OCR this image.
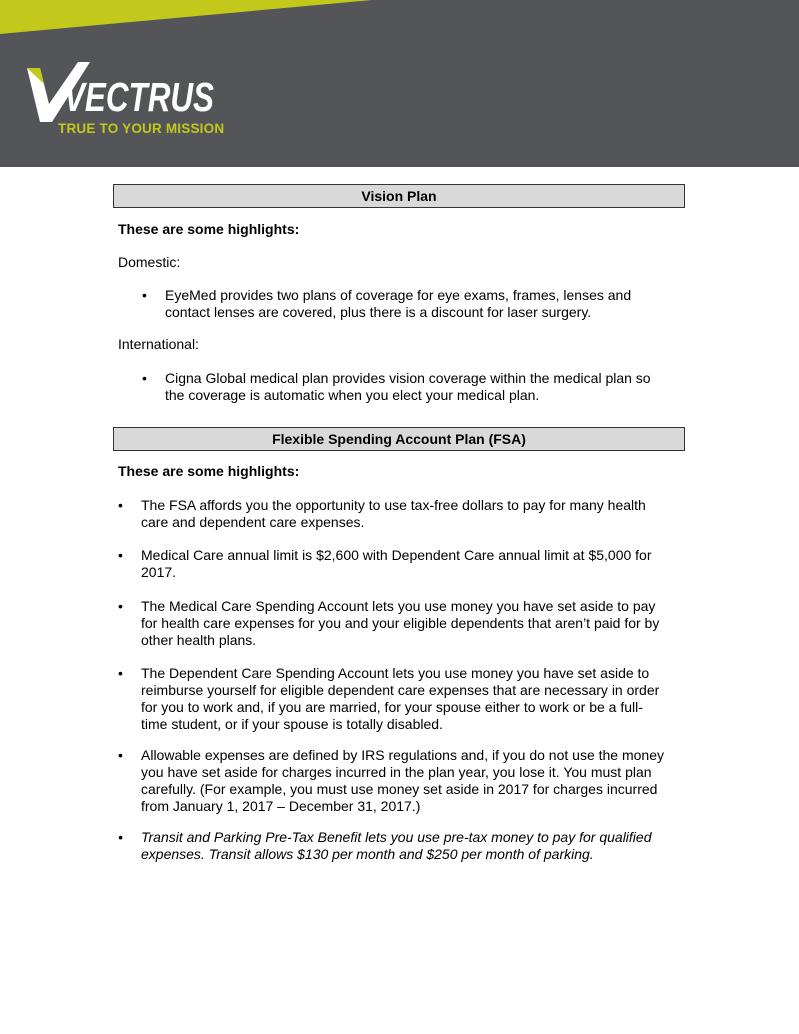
VECTRUS
TRUE TO YOUR MISSION
Vision Plan
These are some highlights:
Domestic:
• EyeMed provides two plans of coverage for eye exams, frames, lenses and
contact lenses are covered, plus there is a discount for laser surgery.
International:
• Cigna Global medical plan provides vision coverage within the medical plan so
the coverage is automatic when you elect your medical plan.
Flexible Spending Account Plan (FSA)
These are some highlights:
• The FSA affords you the opportunity to use tax-free dollars to pay for many health
care and dependent care expenses.
• Medical Care annual limit is $2,600 with Dependent Care annual limit at $5,000 for
2017.
• The Medical Care Spending Account lets you use money you have set aside to pay
for health care expenses for you and your eligible dependents that aren’t paid for by
other health plans.
• The Dependent Care Spending Account lets you use money you have set aside to
reimburse yourself for eligible dependent care expenses that are necessary in order
for you to work and, if you are married, for your spouse either to work or be a full-
time student, or if your spouse is totally disabled.
• Allowable expenses are defined by IRS regulations and, if you do not use the money
you have set aside for charges incurred in the plan year, you lose it. You must plan
carefully. (For example, you must use money set aside in 2017 for charges incurred
from January 1, 2017 – December 31, 2017.)
• Transit and Parking Pre-Tax Benefit lets you use pre-tax money to pay for qualified
expenses. Transit allows $130 per month and $250 per month of parking.
